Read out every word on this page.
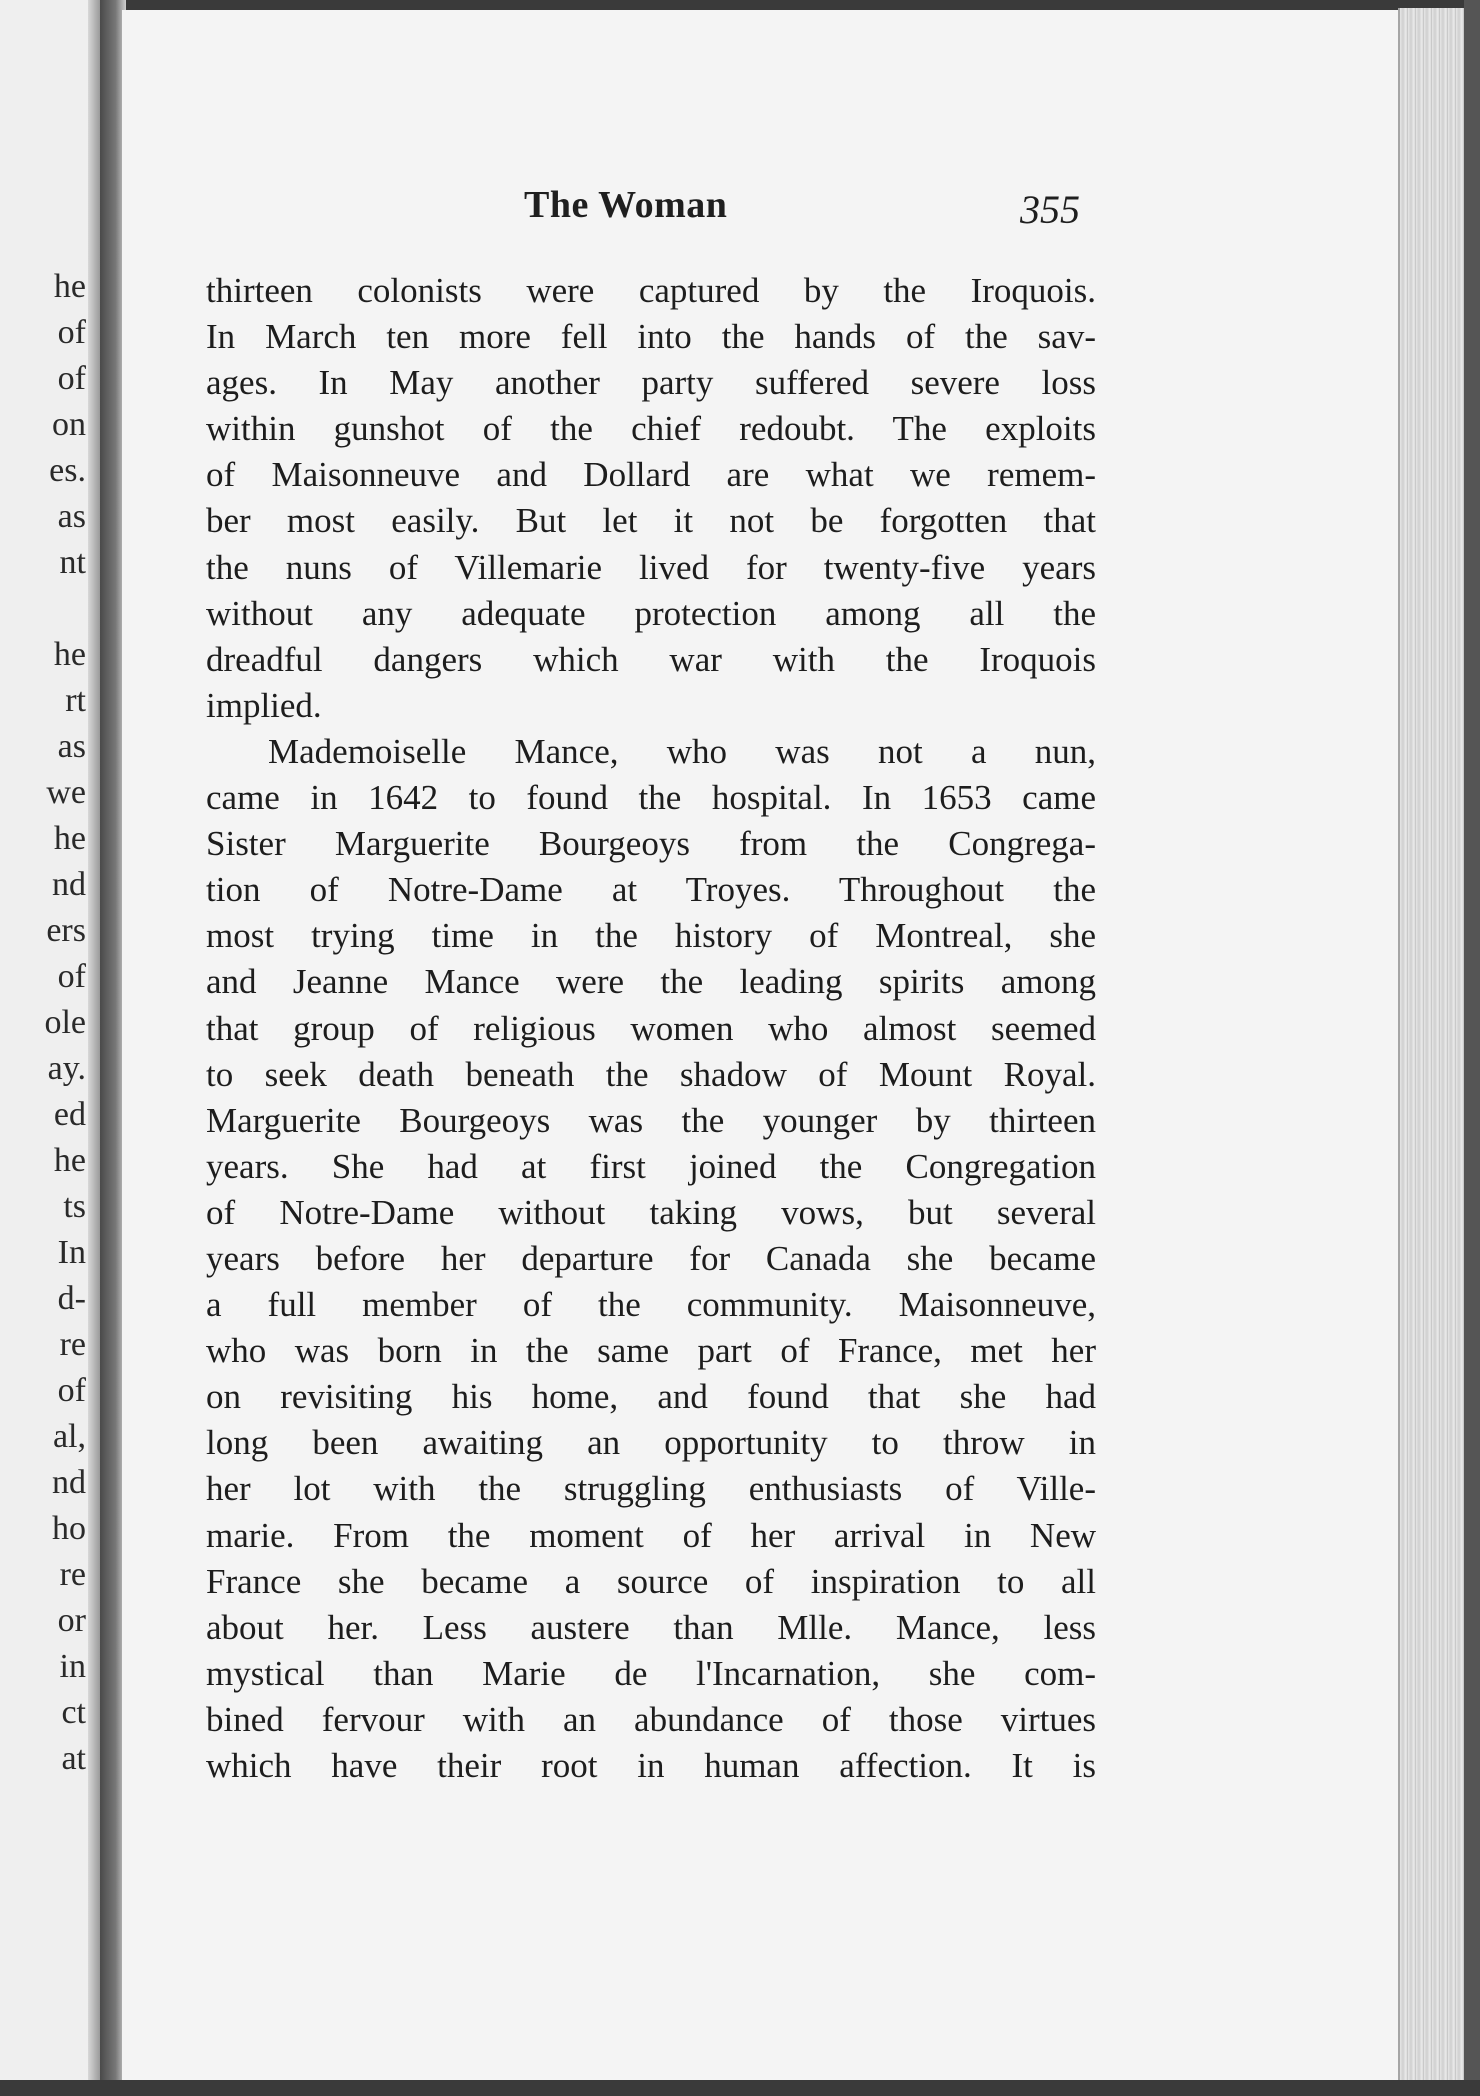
he
of
of
on
es.
as
nt
he
rt
as
we
he
nd
ers
of
ole
ay.
ed
he
ts
In
d-
re
of
al,
nd
ho
re
or
in
ct
at
The Woman	355
thirteen colonists were captured by the Iroquois.
In March ten more fell into the hands of the sav-
ages. In May another party suffered severe loss
within gunshot of the chief redoubt. The exploits
of Maisonneuve and Dollard are what we remem-
ber most easily. But let it not be forgotten that
the nuns of Villemarie lived for twenty-five years
without any adequate protection among all the
dreadful dangers which war with the Iroquois
implied.
Mademoiselle Mance, who was not a nun,
came in 1642 to found the hospital. In 1653 came
Sister Marguerite Bourgeoys from the Congrega-
tion of Notre-Dame at Troyes. Throughout the
most trying time in the history of Montreal, she
and Jeanne Mance were the leading spirits among
that group of religious women who almost seemed
to seek death beneath the shadow of Mount Royal.
Marguerite Bourgeoys was the younger by thirteen
years. She had at first joined the Congregation
of Notre-Dame without taking vows, but several
years before her departure for Canada she became
a full member of the community. Maisonneuve,
who was born in the same part of France, met her
on revisiting his home, and found that she had
long been awaiting an opportunity to throw in
her lot with the struggling enthusiasts of Ville-
marie. From the moment of her arrival in New
France she became a source of inspiration to all
about her. Less austere than Mlle. Mance, less
mystical than Marie de l'Incarnation, she com-
bined fervour with an abundance of those virtues
which have their root in human affection. It is
